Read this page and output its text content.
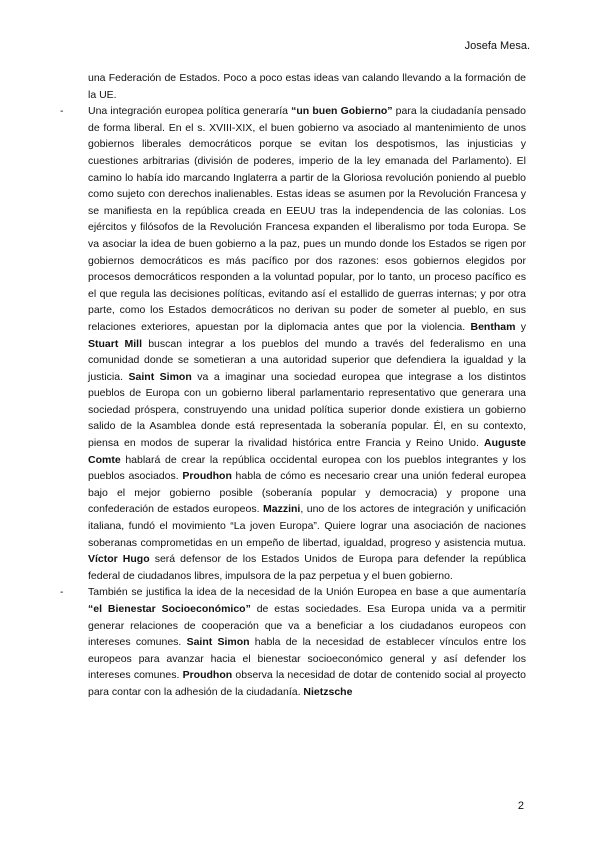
Josefa Mesa.

una Federación de Estados. Poco a poco estas ideas van calando llevando a la formación de la UE.

- Una integración europea política generaría “un buen Gobierno” para la ciudadanía pensado de forma liberal. En el s. XVIII-XIX, el buen gobierno va asociado al mantenimiento de unos gobiernos liberales democráticos porque se evitan los despotismos, las injusticias y cuestiones arbitrarias (división de poderes, imperio de la ley emanada del Parlamento). El camino lo había ido marcando Inglaterra a partir de la Gloriosa revolución poniendo al pueblo como sujeto con derechos inalienables. Estas ideas se asumen por la Revolución Francesa y se manifiesta en la república creada en EEUU tras la independencia de las colonias. Los ejércitos y filósofos de la Revolución Francesa expanden el liberalismo por toda Europa. Se va asociar la idea de buen gobierno a la paz, pues un mundo donde los Estados se rigen por gobiernos democráticos es más pacífico por dos razones: esos gobiernos elegidos por procesos democráticos responden a la voluntad popular, por lo tanto, un proceso pacífico es el que regula las decisiones políticas, evitando así el estallido de guerras internas; y por otra parte, como los Estados democráticos no derivan su poder de someter al pueblo, en sus relaciones exteriores, apuestan por la diplomacia antes que por la violencia. Bentham y Stuart Mill buscan integrar a los pueblos del mundo a través del federalismo en una comunidad donde se sometieran a una autoridad superior que defendiera la igualdad y la justicia. Saint Simon va a imaginar una sociedad europea que integrase a los distintos pueblos de Europa con un gobierno liberal parlamentario representativo que generara una sociedad próspera, construyendo una unidad política superior donde existiera un gobierno salido de la Asamblea donde está representada la soberanía popular. Él, en su contexto, piensa en modos de superar la rivalidad histórica entre Francia y Reino Unido. Auguste Comte hablará de crear la república occidental europea con los pueblos integrantes y los pueblos asociados. Proudhon habla de cómo es necesario crear una unión federal europea bajo el mejor gobierno posible (soberanía popular y democracia) y propone una confederación de estados europeos. Mazzini, uno de los actores de integración y unificación italiana, fundó el movimiento “La joven Europa”. Quiere lograr una asociación de naciones soberanas comprometidas en un empeño de libertad, igualdad, progreso y asistencia mutua. Víctor Hugo será defensor de los Estados Unidos de Europa para defender la república federal de ciudadanos libres, impulsora de la paz perpetua y el buen gobierno.

- También se justifica la idea de la necesidad de la Unión Europea en base a que aumentaría “el Bienestar Socioeconómico” de estas sociedades. Esa Europa unida va a permitir generar relaciones de cooperación que va a beneficiar a los ciudadanos europeos con intereses comunes. Saint Simon habla de la necesidad de establecer vínculos entre los europeos para avanzar hacia el bienestar socioeconómico general y así defender los intereses comunes. Proudhon observa la necesidad de dotar de contenido social al proyecto para contar con la adhesión de la ciudadanía. Nietzsche

2
